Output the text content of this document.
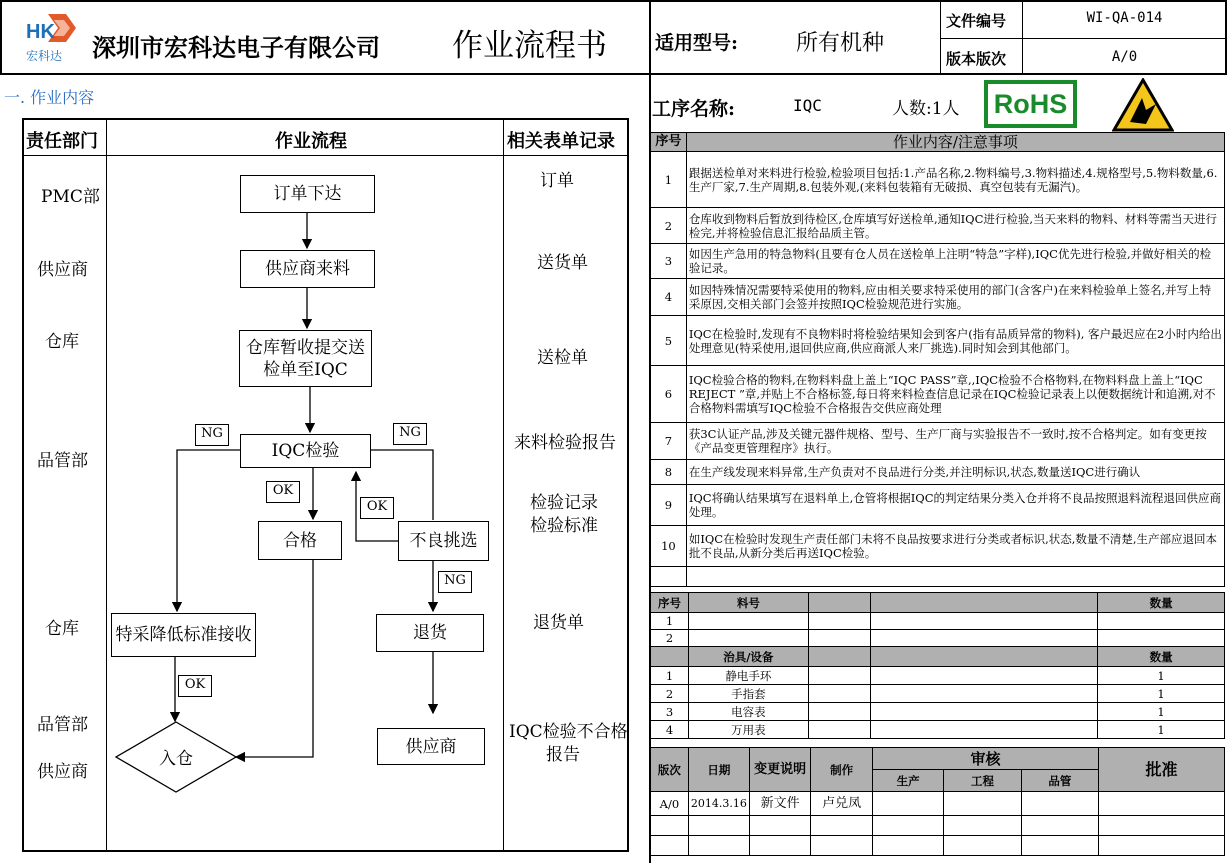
HK
宏科达 深圳市宏科达电子有限公司 作业流程书	适用型号:	所有机种
文件编号	WI-QA-014
版本版次	A/0
一. 作业内容
责任部门	作业流程	相关表单记录
PMC部
供应商
仓库
品管部
仓库
品管部
供应商
订单
送货单
送检单
来料检验报告
检验记录
检验标准
退货单
IQC检验不合格
报告
订单下达
供应商来料
仓库暂收提交送
检单至IQC
IQC检验
合格	不良挑选
特采降低标准接收	退货
供应商
入仓
NG	NG
OK
OK
NG
OK
工序名称:	IQC	人数:1人	RoHS
序号	作业内容/注意事项
1	跟据送检单对来料进行检验,检验项目包括:1.产品名称,2.物料编号,3.物料描述,4.规格型号,5.物料数量,6.生产厂家,7.生产周期,8.包装外观,(来料包装箱有无破损、真空包装有无漏汽)。
2	仓库收到物料后暂放到待检区,仓库填写好送检单,通知IQC进行检验,当天来料的物料、材料等需当天进行检完,并将检验信息汇报给品质主管。
3	如因生产急用的特急物料(且要有仓人员在送检单上注明“特急”字样),IQC优先进行检验,并做好相关的检验记录。
4	如因特殊情况需要特采使用的物料,应由相关要求特采使用的部门(含客户)在来料检验单上签名,并写上特采原因,交相关部门会签并按照IQC检验规范进行实施。
5	IQC在检验时,发现有不良物料时将检验结果知会到客户(指有品质异常的物料), 客户最迟应在2小时内给出处理意见(特采使用,退回供应商,供应商派人来厂挑选).同时知会到其他部门。
6	IQC检验合格的物料,在物料料盘上盖上“IQC PASS”章,,IQC检验不合格物料,在物料料盘上盖上“IQC REJECT ”章,并贴上不合格标签,每日将来料检查信息记录在IQC检验记录表上以便数据统计和追溯,对不合格物料需填写IQC检验不合格报告交供应商处理
7	获3C认证产品,涉及关键元器件规格、型号、生产厂商与实验报告不一致时,按不合格判定。如有变更按《产品变更管理程序》执行。
8	在生产线发现来料异常,生产负责对不良品进行分类,并注明标识,状态,数量送IQC进行确认
9	IQC将确认结果填写在退料单上,仓管将根据IQC的判定结果分类入仓并将不良品按照退料流程退回供应商处理。
10	如IQC在检验时发现生产责任部门未将不良品按要求进行分类或者标识,状态,数量不清楚,生产部应退回本批不良品,从新分类后再送IQC检验。

序号	料号			数量
1				
2				
	治具/设备			数量
1	静电手环			1
2	手指套			1
3	电容表			1
4	万用表			1
版次	日期	变更说明	制作	审核			批准
				生产	工程	品管	
A/0	2014.3.16	新文件	卢兑凤				
